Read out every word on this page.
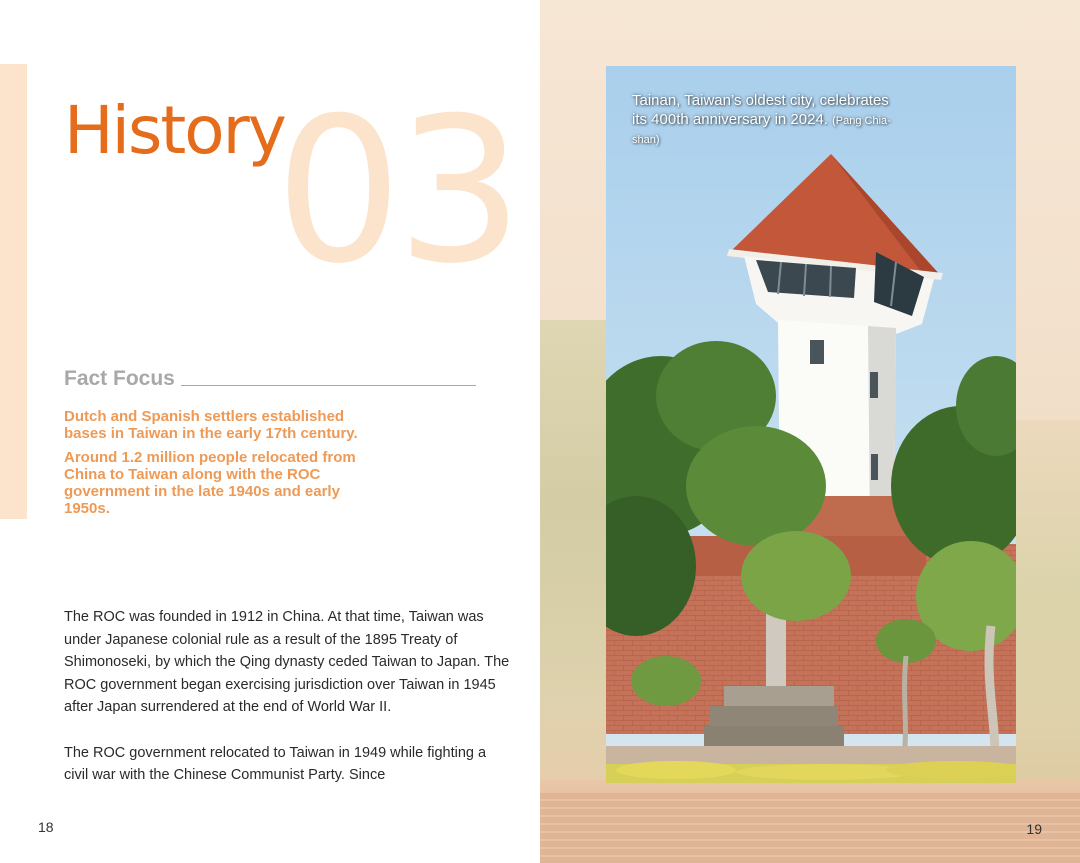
03
History
Fact Focus

Dutch and Spanish settlers established bases in Taiwan in the early 17th century.

Around 1.2 million people relocated from China to Taiwan along with the ROC government in the late 1940s and early 1950s.

The ROC was founded in 1912 in China. At that time, Taiwan was under Japanese colonial rule as a result of the 1895 Treaty of Shimonoseki, by which the Qing dynasty ceded Taiwan to Japan. The ROC government began exercising jurisdiction over Taiwan in 1945 after Japan surrendered at the end of World War II.

The ROC government relocated to Taiwan in 1949 while fighting a civil war with the Chinese Communist Party. Since

18
Tainan, Taiwan’s oldest city, celebrates its 400th anniversary in 2024. (Pang Chia-shan)
19
